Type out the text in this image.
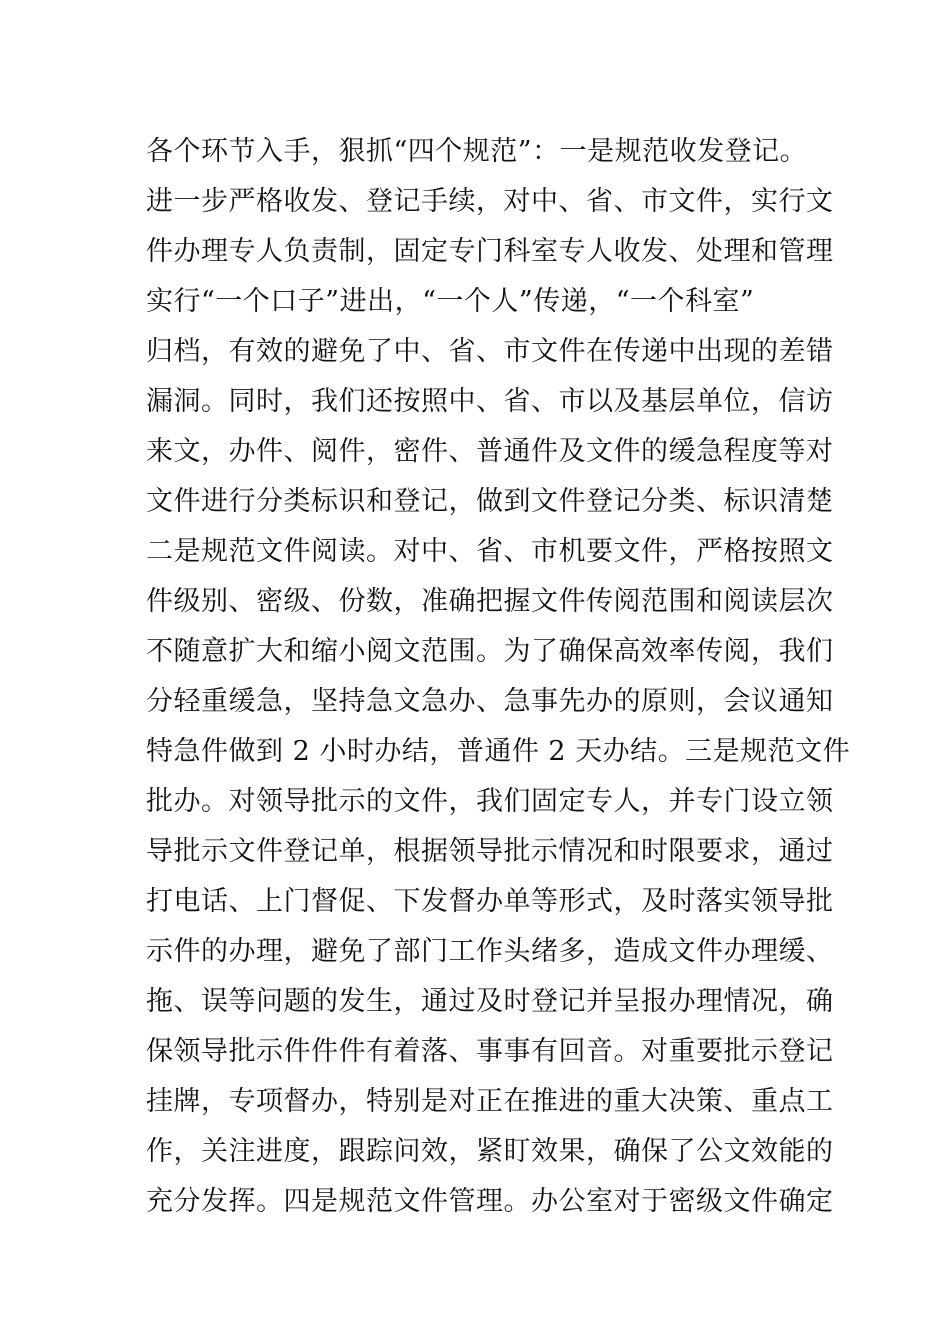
各个环节入手，狠抓“四个规范”：一是规范收发登记。
进一步严格收发、登记手续，对中、省、市文件，实行文
件办理专人负责制，固定专门科室专人收发、处理和管理
实行“一个口子”进出，“一个人”传递，“一个科室”
归档，有效的避免了中、省、市文件在传递中出现的差错
漏洞。同时，我们还按照中、省、市以及基层单位，信访
来文，办件、阅件，密件、普通件及文件的缓急程度等对
文件进行分类标识和登记，做到文件登记分类、标识清楚
二是规范文件阅读。对中、省、市机要文件，严格按照文
件级别、密级、份数，准确把握文件传阅范围和阅读层次
不随意扩大和缩小阅文范围。为了确保高效率传阅，我们
分轻重缓急，坚持急文急办、急事先办的原则，会议通知
特急件做到 2 小时办结，普通件 2 天办结。三是规范文件
批办。对领导批示的文件，我们固定专人，并专门设立领
导批示文件登记单，根据领导批示情况和时限要求，通过
打电话、上门督促、下发督办单等形式，及时落实领导批
示件的办理，避免了部门工作头绪多，造成文件办理缓、
拖、误等问题的发生，通过及时登记并呈报办理情况，确
保领导批示件件件有着落、事事有回音。对重要批示登记
挂牌，专项督办，特别是对正在推进的重大决策、重点工
作，关注进度，跟踪问效，紧盯效果，确保了公文效能的
充分发挥。四是规范文件管理。办公室对于密级文件确定
